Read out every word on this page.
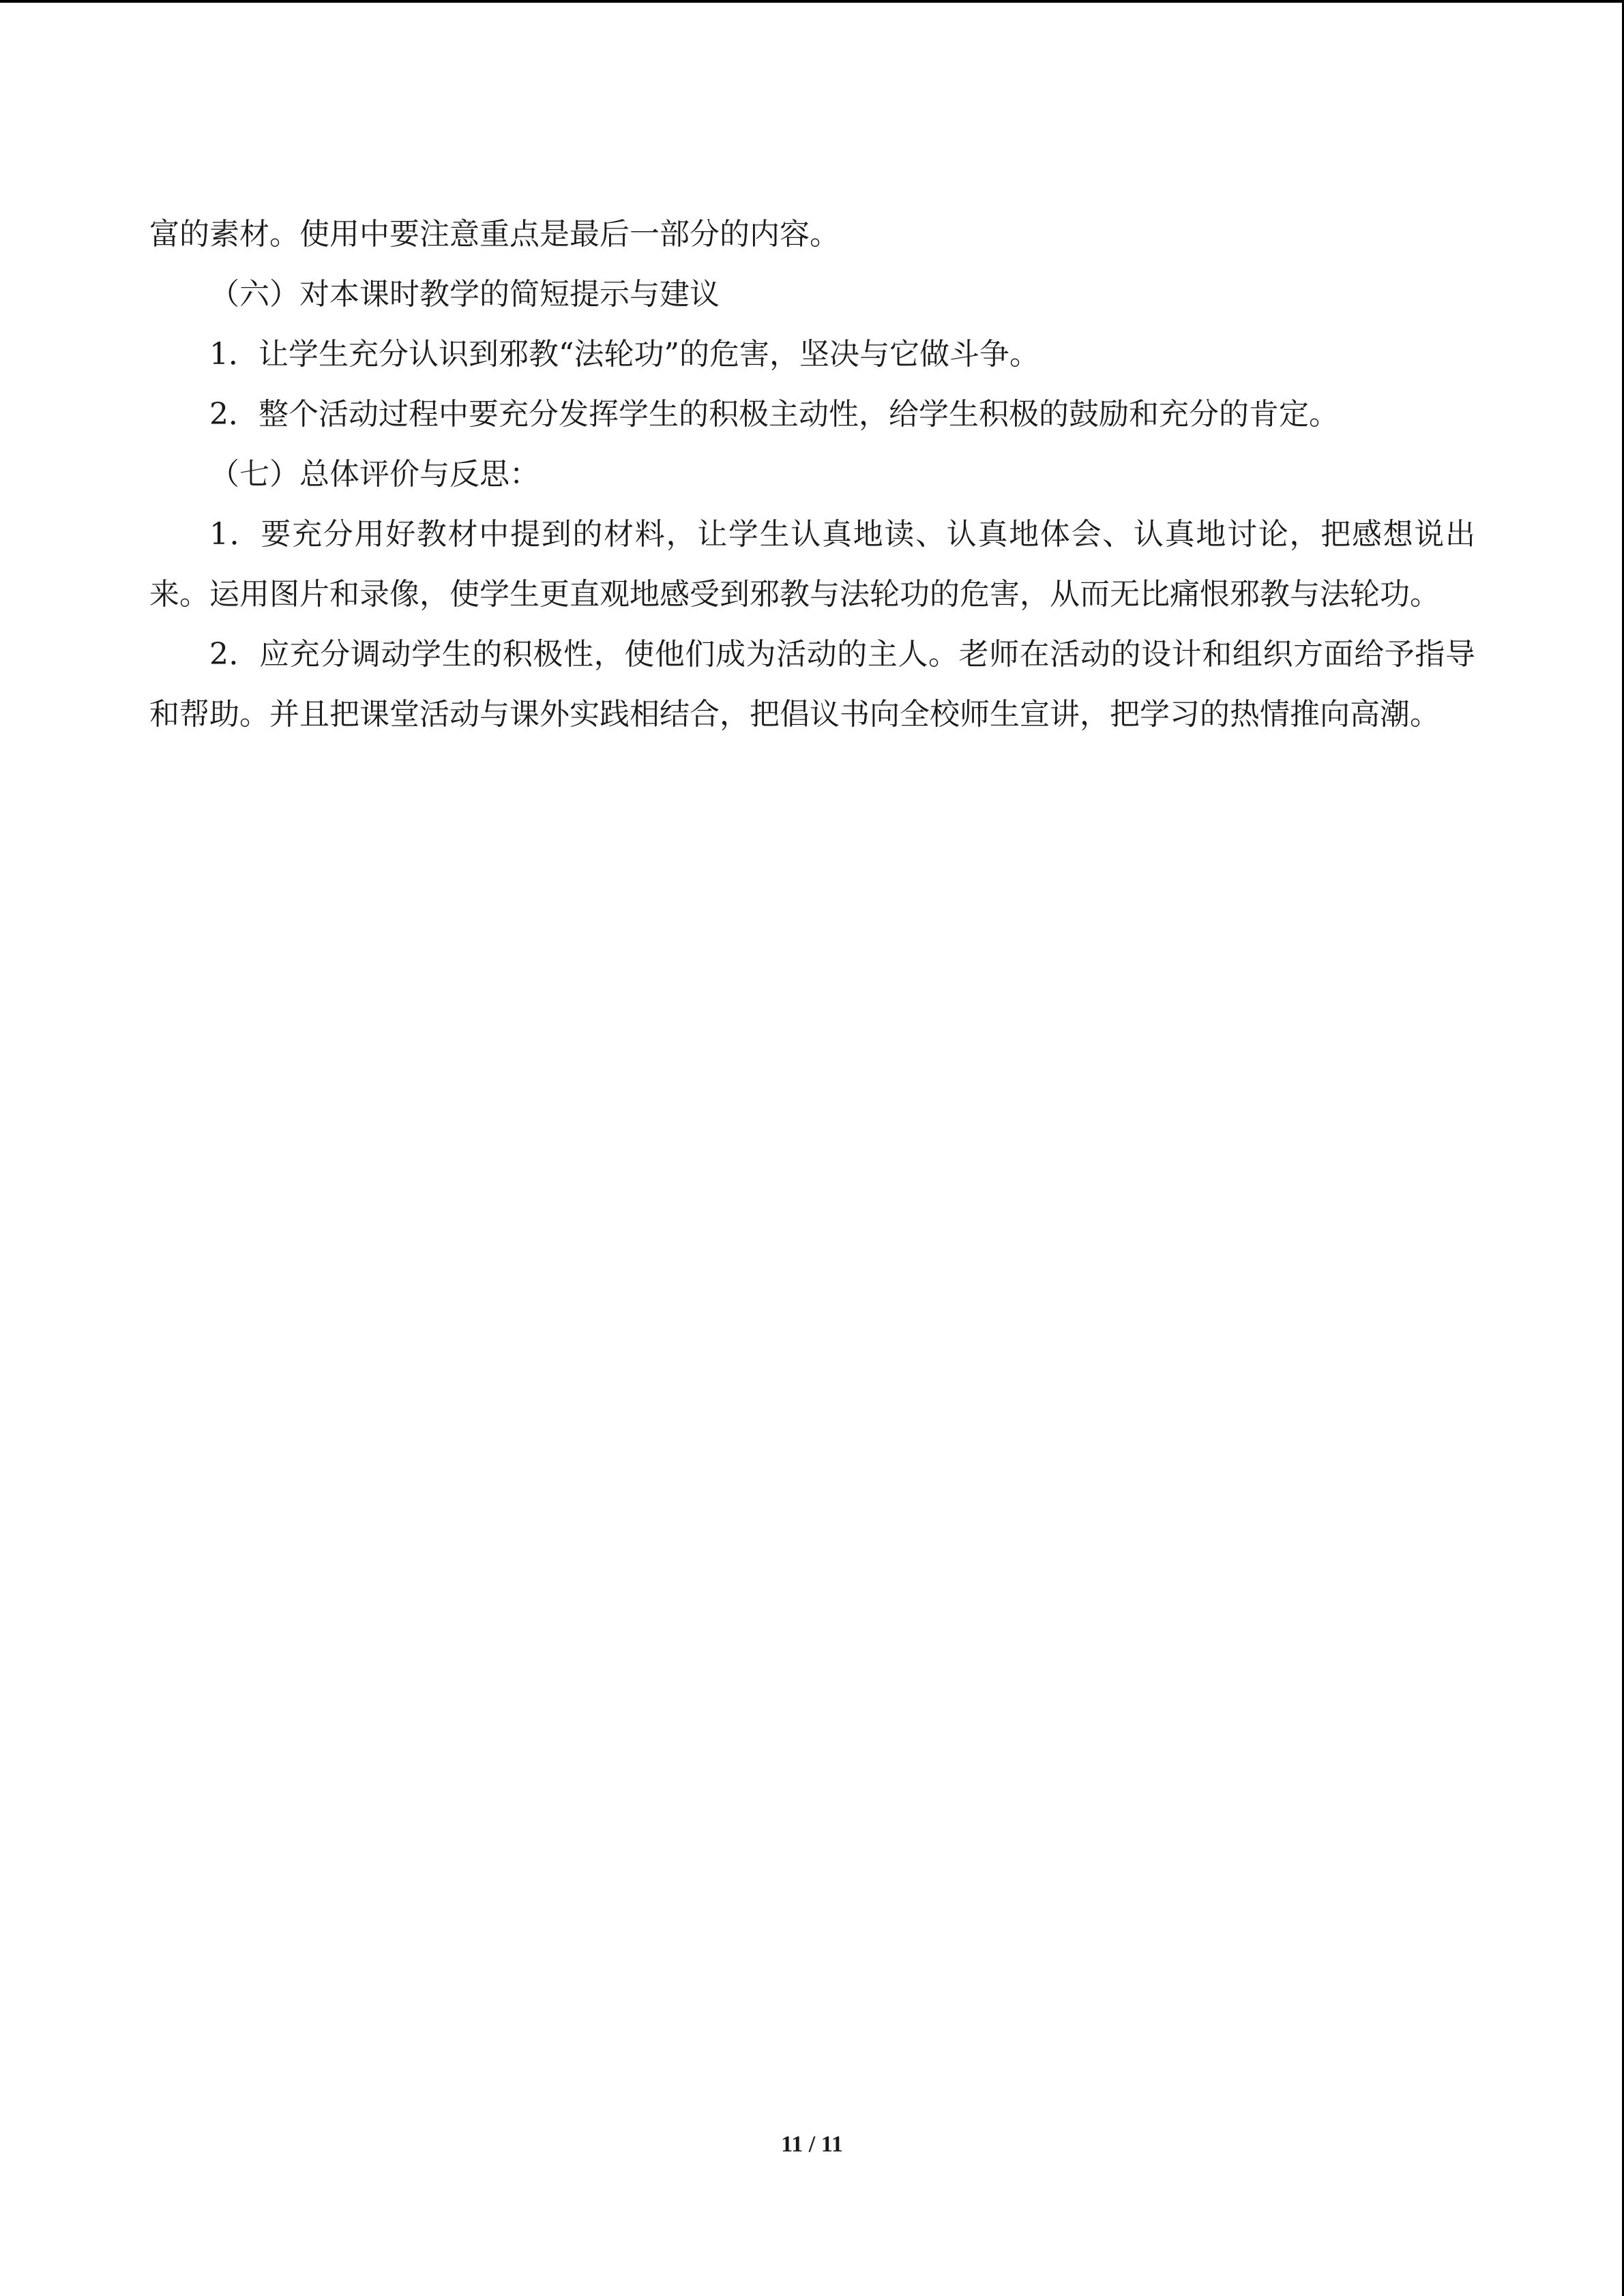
富的素材。使用中要注意重点是最后一部分的内容。

（六）对本课时教学的简短提示与建议

1．让学生充分认识到邪教“法轮功”的危害，坚决与它做斗争。

2．整个活动过程中要充分发挥学生的积极主动性，给学生积极的鼓励和充分的肯定。

（七）总体评价与反思：

1．要充分用好教材中提到的材料，让学生认真地读、认真地体会、认真地讨论，把感想说出来。运用图片和录像，使学生更直观地感受到邪教与法轮功的危害，从而无比痛恨邪教与法轮功。

2．应充分调动学生的积极性，使他们成为活动的主人。老师在活动的设计和组织方面给予指导和帮助。并且把课堂活动与课外实践相结合，把倡议书向全校师生宣讲，把学习的热情推向高潮。

11 / 11
